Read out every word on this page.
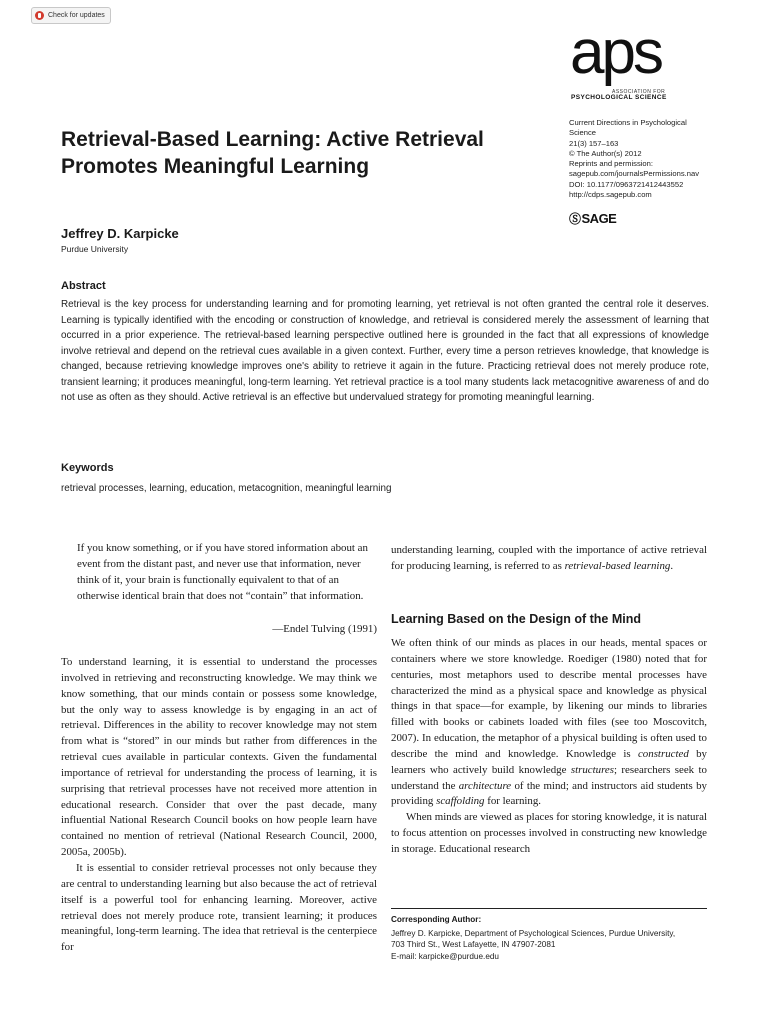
Check for updates
aps
ASSOCIATION FOR
PSYCHOLOGICAL SCIENCE
Retrieval-Based Learning: Active Retrieval Promotes Meaningful Learning
Current Directions in Psychological
Science
21(3) 157–163
© The Author(s) 2012
Reprints and permission:
sagepub.com/journalsPermissions.nav
DOI: 10.1177/0963721412443552
http://cdps.sagepub.com
Ⓢ SAGE
Jeffrey D. Karpicke
Purdue University
Abstract
Retrieval is the key process for understanding learning and for promoting learning, yet retrieval is not often granted the central role it deserves. Learning is typically identified with the encoding or construction of knowledge, and retrieval is considered merely the assessment of learning that occurred in a prior experience. The retrieval-based learning perspective outlined here is grounded in the fact that all expressions of knowledge involve retrieval and depend on the retrieval cues available in a given context. Further, every time a person retrieves knowledge, that knowledge is changed, because retrieving knowledge improves one's ability to retrieve it again in the future. Practicing retrieval does not merely produce rote, transient learning; it produces meaningful, long-term learning. Yet retrieval practice is a tool many students lack metacognitive awareness of and do not use as often as they should. Active retrieval is an effective but undervalued strategy for promoting meaningful learning.
Keywords
retrieval processes, learning, education, metacognition, meaningful learning
If you know something, or if you have stored information about an event from the distant past, and never use that information, never think of it, your brain is functionally equivalent to that of an otherwise identical brain that does not “contain” that information.
—Endel Tulving (1991)

To understand learning, it is essential to understand the processes involved in retrieving and reconstructing knowledge. We may think we know something, that our minds contain or possess some knowledge, but the only way to assess knowledge is by engaging in an act of retrieval. Differences in the ability to recover knowledge may not stem from what is “stored” in our minds but rather from differences in the retrieval cues available in particular contexts. Given the fundamental importance of retrieval for understanding the process of learning, it is surprising that retrieval processes have not received more attention in educational research. Consider that over the past decade, many influential National Research Council books on how people learn have contained no mention of retrieval (National Research Council, 2000, 2005a, 2005b).

It is essential to consider retrieval processes not only because they are central to understanding learning but also because the act of retrieval itself is a powerful tool for enhancing learning. Moreover, active retrieval does not merely produce rote, transient learning; it produces meaningful, long-term learning. The idea that retrieval is the centerpiece for

understanding learning, coupled with the importance of active retrieval for producing learning, is referred to as retrieval-based learning.
Learning Based on the Design of the Mind

We often think of our minds as places in our heads, mental spaces or containers where we store knowledge. Roediger (1980) noted that for centuries, most metaphors used to describe mental processes have characterized the mind as a physical space and knowledge as physical things in that space—for example, by likening our minds to libraries filled with books or cabinets loaded with files (see too Moscovitch, 2007). In education, the metaphor of a physical building is often used to describe the mind and knowledge. Knowledge is constructed by learners who actively build knowledge structures; researchers seek to understand the architecture of the mind; and instructors aid students by providing scaffolding for learning.

When minds are viewed as places for storing knowledge, it is natural to focus attention on processes involved in constructing new knowledge in storage. Educational research

Corresponding Author:
Jeffrey D. Karpicke, Department of Psychological Sciences, Purdue University,
703 Third St., West Lafayette, IN 47907-2081
E-mail: karpicke@purdue.edu
